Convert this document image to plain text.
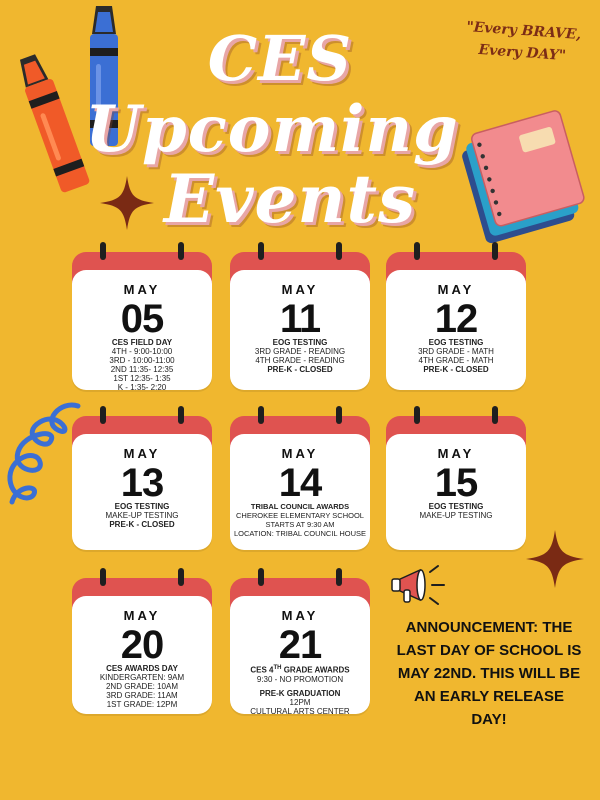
CES
Upcoming
Events
"Every BRAVE,
Every DAY"
MAY
05
CES FIELD DAY
4TH - 9:00-10:00
3RD - 10:00-11:00
2ND 11:35- 12:35
1ST 12:35- 1:35
K - 1:35- 2:20
MAY
11
EOG TESTING
3RD GRADE - READING
4TH GRADE - READING
PRE-K - CLOSED
MAY
12
EOG TESTING
3RD GRADE - MATH
4TH GRADE - MATH
PRE-K - CLOSED
MAY
13
EOG TESTING
MAKE-UP TESTING
PRE-K - CLOSED
MAY
14
TRIBAL COUNCIL AWARDS
CHEROKEE ELEMENTARY SCHOOL
STARTS AT 9:30 AM
LOCATION: TRIBAL COUNCIL HOUSE
MAY
15
EOG TESTING
MAKE-UP TESTING
MAY
20
CES AWARDS DAY
KINDERGARTEN: 9AM
2ND GRADE: 10AM
3RD GRADE: 11AM
1ST GRADE: 12PM
MAY
21
CES 4TH GRADE AWARDS
9:30 - NO PROMOTION
PRE-K GRADUATION
12PM
CULTURAL ARTS CENTER
ANNOUNCEMENT: THE LAST DAY OF SCHOOL IS MAY 22ND. THIS WILL BE AN EARLY RELEASE DAY!
